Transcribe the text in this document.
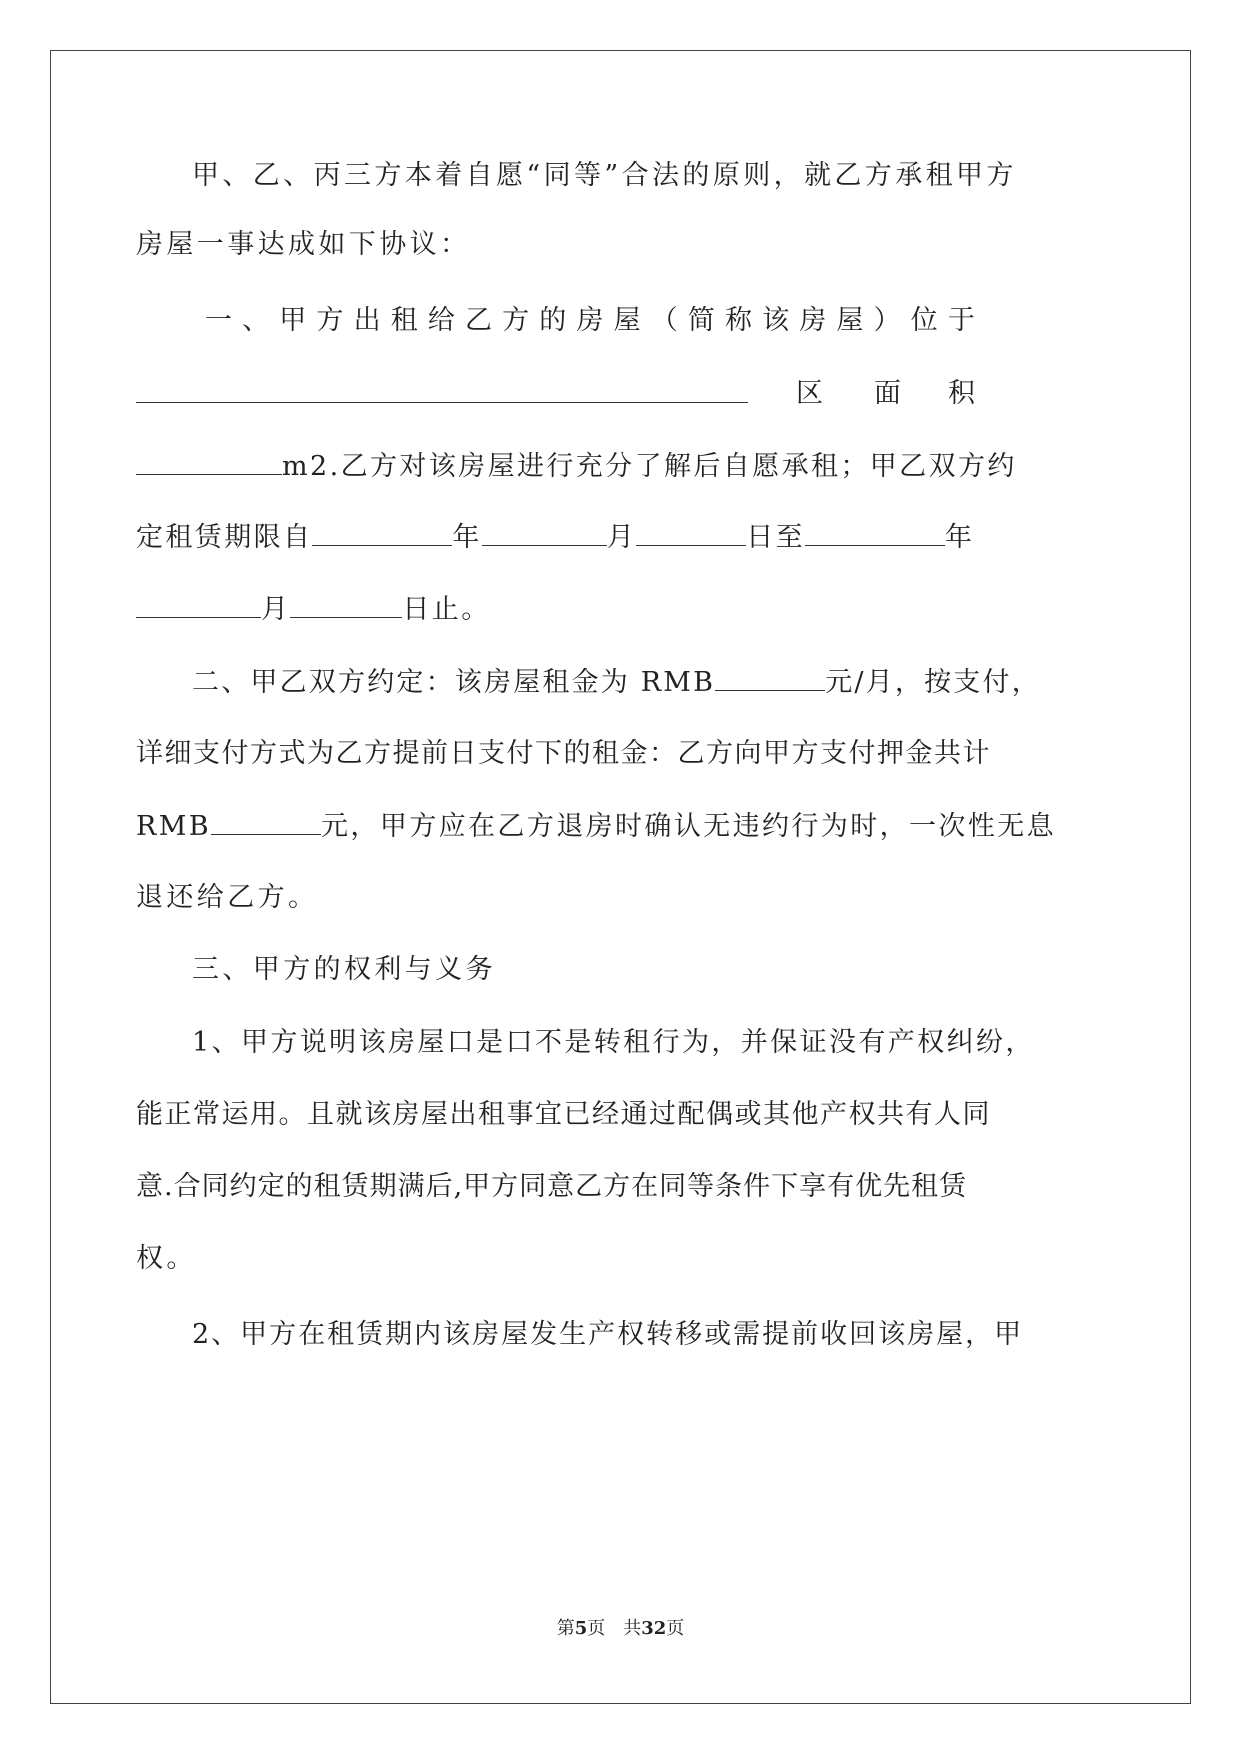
甲、乙、丙三方本着自愿“同等”合法的原则，就乙方承租甲方
房屋一事达成如下协议：
一 、 甲 方 出 租 给 乙 方 的 房 屋 （ 简 称 该 房 屋 ） 位 于

区

面

积

m2.乙方对该房屋进行充分了解后自愿承租；甲乙双方约
定租赁期限自	年	月	日至	年
月	日止。
二、甲乙双方约定：该房屋租金为 RMB	元/月，按支付，
详细支付方式为乙方提前日支付下的租金：乙方向甲方支付押金共计
RMB	元，甲方应在乙方退房时确认无违约行为时，一次性无息
退还给乙方。
三、甲方的权利与义务
1、甲方说明该房屋口是口不是转租行为，并保证没有产权纠纷，
能正常运用。且就该房屋出租事宜已经通过配偶或其他产权共有人同
意.合同约定的租赁期满后,甲方同意乙方在同等条件下享有优先租赁
权。
2、甲方在租赁期内该房屋发生产权转移或需提前收回该房屋，甲
第5页　共32页
